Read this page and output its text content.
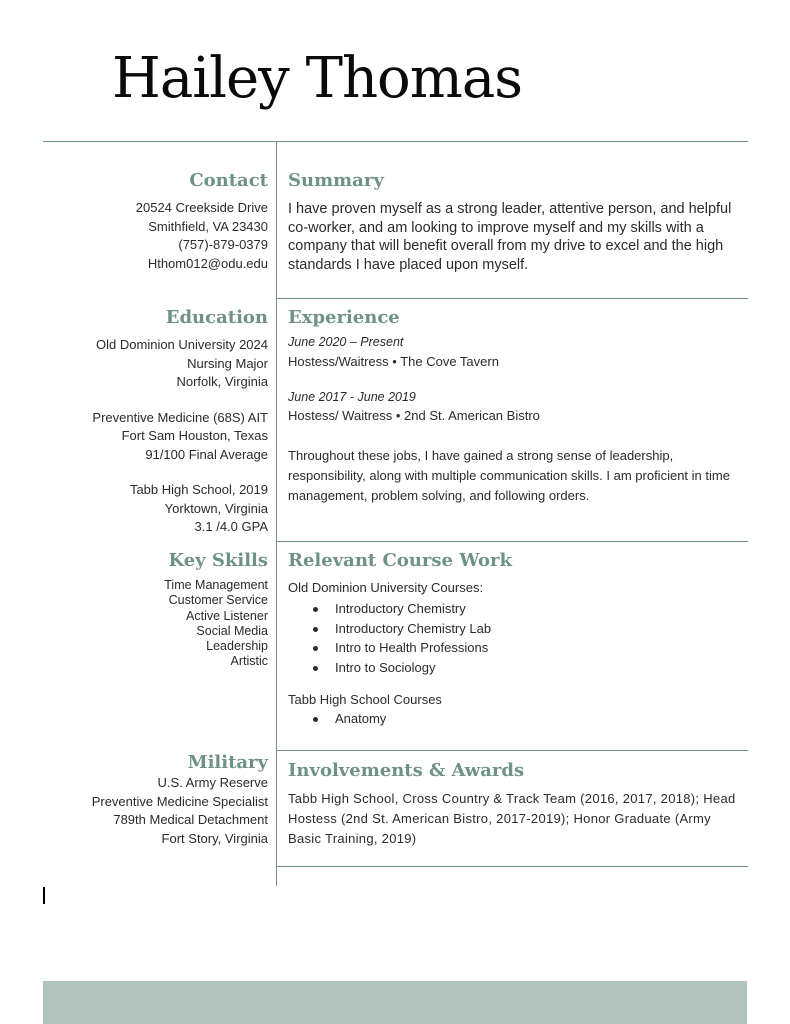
Hailey Thomas
Contact
20524 Creekside Drive
Smithfield, VA 23430
(757)-879-0379
Hthom012@odu.edu
Summary
I have proven myself as a strong leader, attentive person, and helpful co-worker, and am looking to improve myself and my skills with a company that will benefit overall from my drive to excel and the high standards I have placed upon myself.
Education
Old Dominion University 2024
Nursing Major
Norfolk, Virginia
Preventive Medicine (68S) AIT
Fort Sam Houston, Texas
91/100 Final Average
Tabb High School, 2019
Yorktown, Virginia
3.1 /4.0 GPA
Experience
June 2020 – Present
Hostess/Waitress • The Cove Tavern
June 2017 - June 2019
Hostess/ Waitress • 2nd St. American Bistro
Throughout these jobs, I have gained a strong sense of leadership, responsibility, along with multiple communication skills. I am proficient in time management, problem solving, and following orders.
Key Skills
Time Management
Customer Service
Active Listener
Social Media
Leadership
Artistic
Relevant Course Work
Old Dominion University Courses:
Introductory Chemistry
Introductory Chemistry Lab
Intro to Health Professions
Intro to Sociology
Tabb High School Courses
Anatomy
Military
U.S. Army Reserve
Preventive Medicine Specialist
789th Medical Detachment
Fort Story, Virginia
Involvements & Awards
Tabb High School, Cross Country & Track Team (2016, 2017, 2018); Head Hostess (2nd St. American Bistro, 2017-2019); Honor Graduate (Army Basic Training, 2019)
